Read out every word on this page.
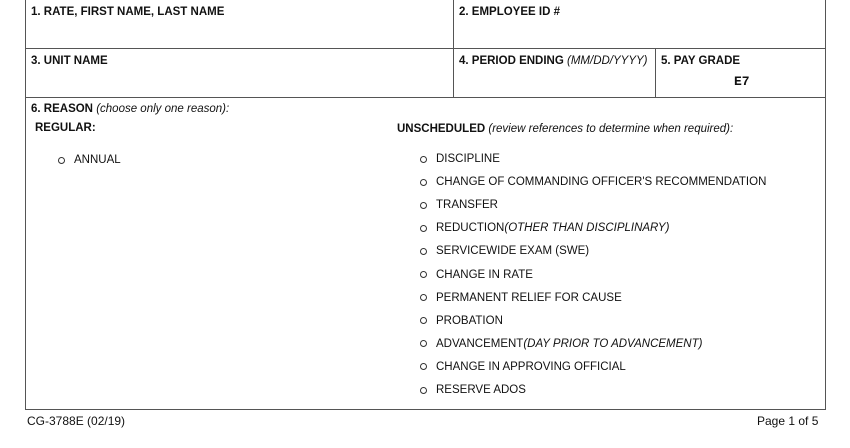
1. RATE, FIRST NAME, LAST NAME	2. EMPLOYEE ID #
3. UNIT NAME	4. PERIOD ENDING (MM/DD/YYYY) 5. PAY GRADE
E7
6. REASON (choose only one reason):
REGULAR:	UNSCHEDULED (review references to determine when required):
ANNUAL	DISCIPLINE
CHANGE OF COMMANDING OFFICER'S RECOMMENDATION
TRANSFER
REDUCTION (OTHER THAN DISCIPLINARY)
SERVICEWIDE EXAM (SWE)
CHANGE IN RATE
PERMANENT RELIEF FOR CAUSE
PROBATION
ADVANCEMENT (DAY PRIOR TO ADVANCEMENT)
CHANGE IN APPROVING OFFICIAL
RESERVE ADOS
CG-3788E (02/19)	Page 1 of 5
